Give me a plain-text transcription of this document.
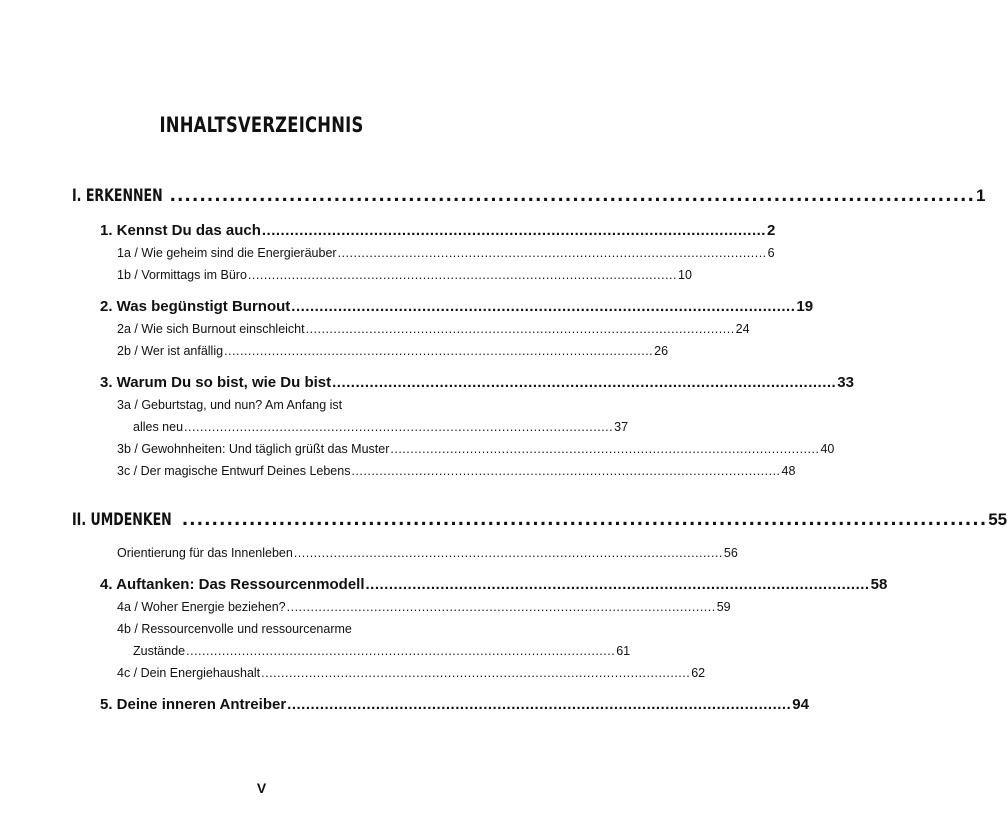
INHALTSVERZEICHNIS
I. ERKENNEN ............................................................................................................ 1
1. Kennst Du das auch ............................................................................................................ 2
1a / Wie geheim sind die Energieräuber ............................................................................................................ 6
1b / Vormittags im Büro ............................................................................................................ 10
2. Was begünstigt Burnout ............................................................................................................ 19
2a / Wie sich Burnout einschleicht ............................................................................................................ 24
2b / Wer ist anfällig ............................................................................................................ 26
3. Warum Du so bist, wie Du bist ............................................................................................................ 33
3a / Geburtstag, und nun? Am Anfang ist
alles neu ............................................................................................................ 37
3b / Gewohnheiten: Und täglich grüßt das Muster ............................................................................................................ 40
3c / Der magische Entwurf Deines Lebens ............................................................................................................ 48
II. UMDENKEN ............................................................................................................ 55
Orientierung für das Innenleben ............................................................................................................ 56
4. Auftanken: Das Ressourcenmodell ............................................................................................................ 58
4a / Woher Energie beziehen? ............................................................................................................ 59
4b / Ressourcenvolle und ressourcenarme
Zustände ............................................................................................................ 61
4c / Dein Energiehaushalt ............................................................................................................ 62
5. Deine inneren Antreiber ............................................................................................................ 94
V
